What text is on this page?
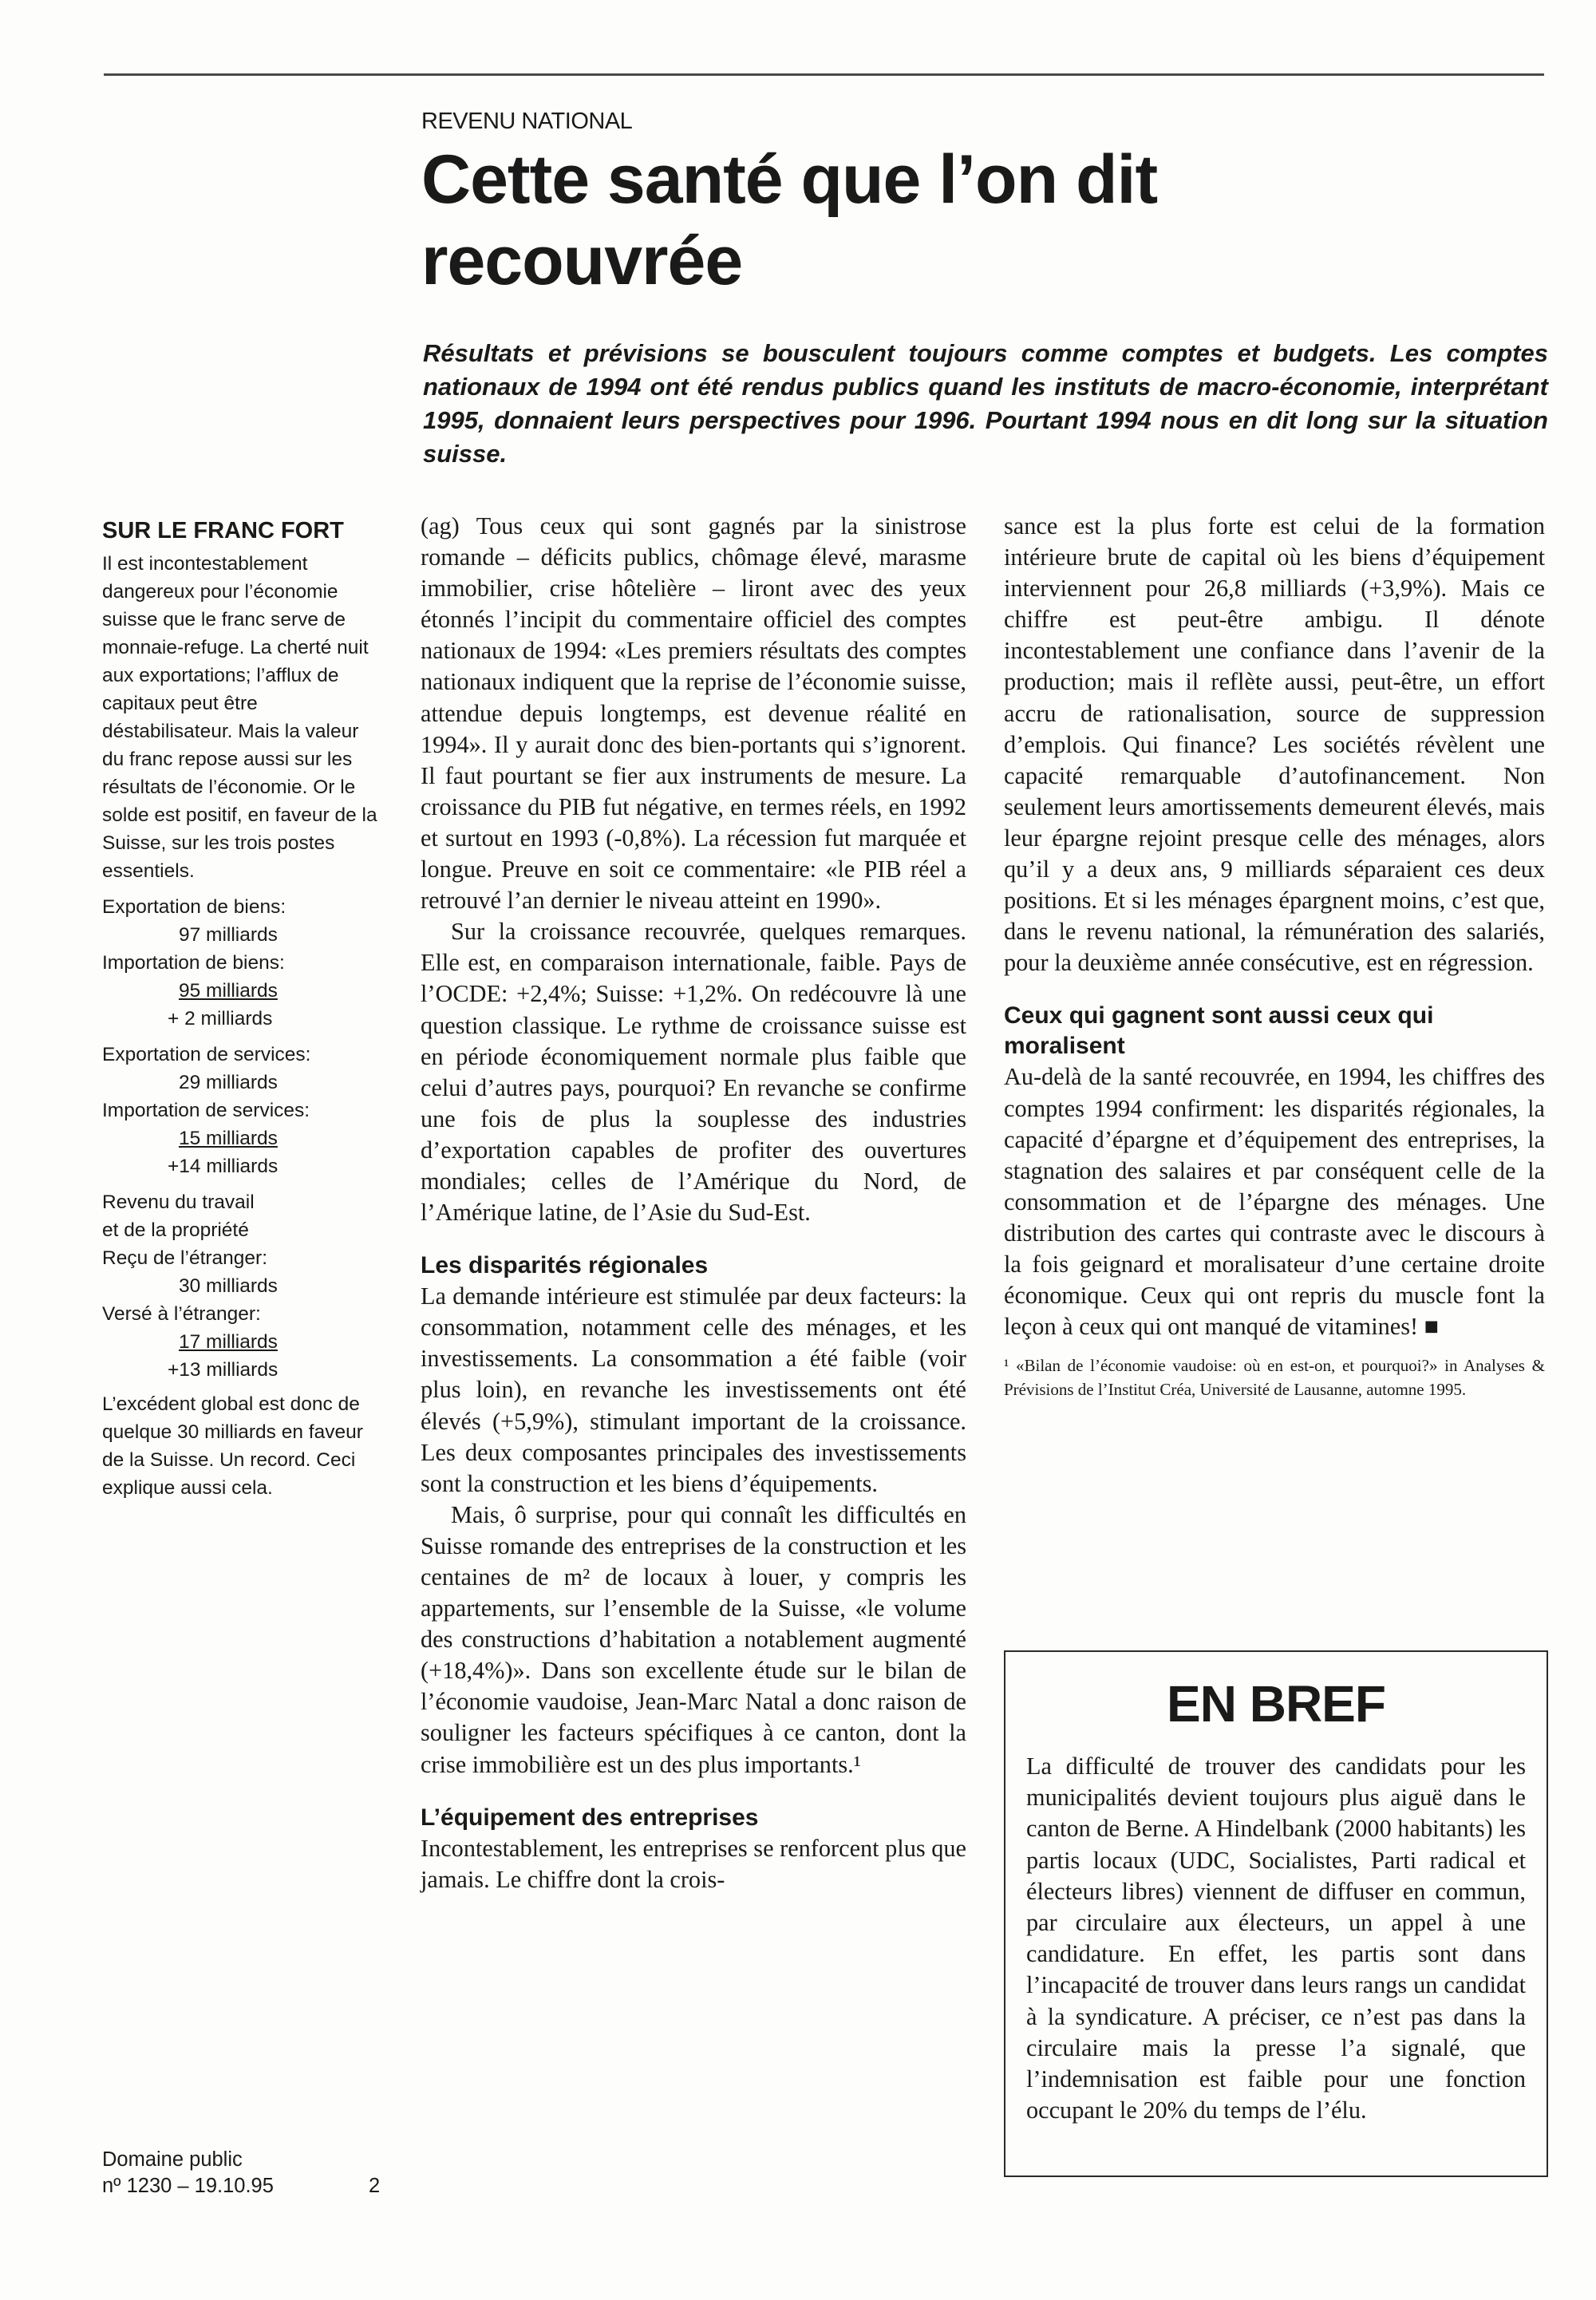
REVENU NATIONAL
Cette santé que l’on dit recouvrée

Résultats et prévisions se bousculent toujours comme comptes et budgets. Les comptes nationaux de 1994 ont été rendus publics quand les instituts de macro-économie, interprétant 1995, donnaient leurs perspectives pour 1996. Pourtant 1994 nous en dit long sur la situation suisse.

SUR LE FRANC FORT

Il est incontestablement dangereux pour l’économie suisse que le franc serve de monnaie-refuge. La cherté nuit aux exportations; l’afflux de capitaux peut être déstabilisateur. Mais la valeur du franc repose aussi sur les résultats de l’économie. Or le solde est positif, en faveur de la Suisse, sur les trois postes essentiels.

Exportation de biens:
97 milliards
Importation de biens:
95 milliards
+ 2 milliards
Exportation de services:
29 milliards
Importation de services:
15 milliards
+14 milliards
Revenu du travail
et de la propriété
Reçu de l’étranger:
30 milliards
Versé à l’étranger:
17 milliards
+13 milliards

L’excédent global est donc de quelque 30 milliards en faveur de la Suisse. Un record. Ceci explique aussi cela.

(ag) Tous ceux qui sont gagnés par la sinistrose romande – déficits publics, chômage élevé, marasme immobilier, crise hôtelière – liront avec des yeux étonnés l’incipit du commentaire officiel des comptes nationaux de 1994: «Les premiers résultats des comptes nationaux indiquent que la reprise de l’économie suisse, attendue depuis longtemps, est devenue réalité en 1994». Il y aurait donc des bien-portants qui s’ignorent. Il faut pourtant se fier aux instruments de mesure. La croissance du PIB fut négative, en termes réels, en 1992 et surtout en 1993 (-0,8%). La récession fut marquée et longue. Preuve en soit ce commentaire: «le PIB réel a retrouvé l’an dernier le niveau atteint en 1990».

Sur la croissance recouvrée, quelques remarques. Elle est, en comparaison internationale, faible. Pays de l’OCDE: +2,4%; Suisse: +1,2%. On redécouvre là une question classique. Le rythme de croissance suisse est en période économiquement normale plus faible que celui d’autres pays, pourquoi? En revanche se confirme une fois de plus la souplesse des industries d’exportation capables de profiter des ouvertures mondiales; celles de l’Amérique du Nord, de l’Amérique latine, de l’Asie du Sud-Est.

Les disparités régionales

La demande intérieure est stimulée par deux facteurs: la consommation, notamment celle des ménages, et les investissements. La consommation a été faible (voir plus loin), en revanche les investissements ont été élevés (+5,9%), stimulant important de la croissance. Les deux composantes principales des investissements sont la construction et les biens d’équipements.

Mais, ô surprise, pour qui connaît les difficultés en Suisse romande des entreprises de la construction et les centaines de m² de locaux à louer, y compris les appartements, sur l’ensemble de la Suisse, «le volume des constructions d’habitation a notablement augmenté (+18,4%)». Dans son excellente étude sur le bilan de l’économie vaudoise, Jean-Marc Natal a donc raison de souligner les facteurs spécifiques à ce canton, dont la crise immobilière est un des plus importants.¹

L’équipement des entreprises

Incontestablement, les entreprises se renforcent plus que jamais. Le chiffre dont la crois-

sance est la plus forte est celui de la formation intérieure brute de capital où les biens d’équipement interviennent pour 26,8 milliards (+3,9%). Mais ce chiffre est peut-être ambigu. Il dénote incontestablement une confiance dans l’avenir de la production; mais il reflète aussi, peut-être, un effort accru de rationalisation, source de suppression d’emplois. Qui finance? Les sociétés révèlent une capacité remarquable d’autofinancement. Non seulement leurs amortissements demeurent élevés, mais leur épargne rejoint presque celle des ménages, alors qu’il y a deux ans, 9 milliards séparaient ces deux positions. Et si les ménages épargnent moins, c’est que, dans le revenu national, la rémunération des salariés, pour la deuxième année consécutive, est en régression.

Ceux qui gagnent sont aussi ceux qui moralisent

Au-delà de la santé recouvrée, en 1994, les chiffres des comptes 1994 confirment: les disparités régionales, la capacité d’épargne et d’équipement des entreprises, la stagnation des salaires et par conséquent celle de la consommation et de l’épargne des ménages. Une distribution des cartes qui contraste avec le discours à la fois geignard et moralisateur d’une certaine droite économique. Ceux qui ont repris du muscle font la leçon à ceux qui ont manqué de vitamines! ■

¹ «Bilan de l’économie vaudoise: où en est-on, et pourquoi?» in Analyses & Prévisions de l’Institut Créa, Université de Lausanne, automne 1995.

EN BREF

La difficulté de trouver des candidats pour les municipalités devient toujours plus aiguë dans le canton de Berne. A Hindelbank (2000 habitants) les partis locaux (UDC, Socialistes, Parti radical et électeurs libres) viennent de diffuser en commun, par circulaire aux électeurs, un appel à une candidature. En effet, les partis sont dans l’incapacité de trouver dans leurs rangs un candidat à la syndicature. A préciser, ce n’est pas dans la circulaire mais la presse l’a signalé, que l’indemnisation est faible pour une fonction occupant le 20% du temps de l’élu.

Domaine public
nº 1230 – 19.10.95	2
